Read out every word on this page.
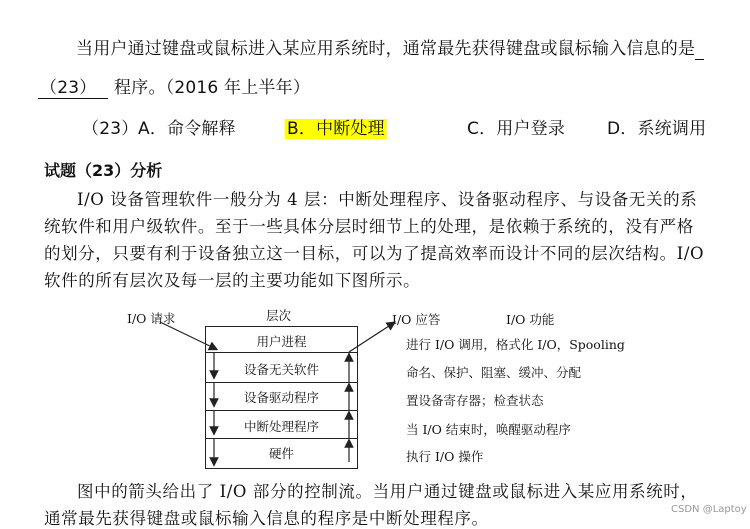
当用户通过键盘或鼠标进入某应用系统时，通常最先获得键盘或鼠标输入信息的是
（23） 程序。（2016 年上半年）
（23） A．命令解释	B．中断处理	C．用户登录 D．系统调用
试题（23）分析
I/O 设备管理软件一般分为 4 层：中断处理程序、设备驱动程序、与设备无关的系
统软件和用户级软件。至于一些具体分层时细节上的处理，是依赖于系统的，没有严格
的划分，只要有利于设备独立这一目标，可以为了提高效率而设计不同的层次结构。I/O
软件的所有层次及每一层的主要功能如下图所示。
I/O 请求	层次	I/O 应答	I/O 功能
用户进程
设备无关软件
设备驱动程序
中断处理程序
硬件
进行 I/O 调用，格式化 I/O，Spooling
命名、保护、阻塞、缓冲、分配
置设备寄存器；检查状态
当 I/O 结束时，唤醒驱动程序
执行 I/O 操作
图中的箭头给出了 I/O 部分的控制流。当用户通过键盘或鼠标进入某应用系统时，
通常最先获得键盘或鼠标输入信息的程序是中断处理程序。	CSDN @Laptoy
